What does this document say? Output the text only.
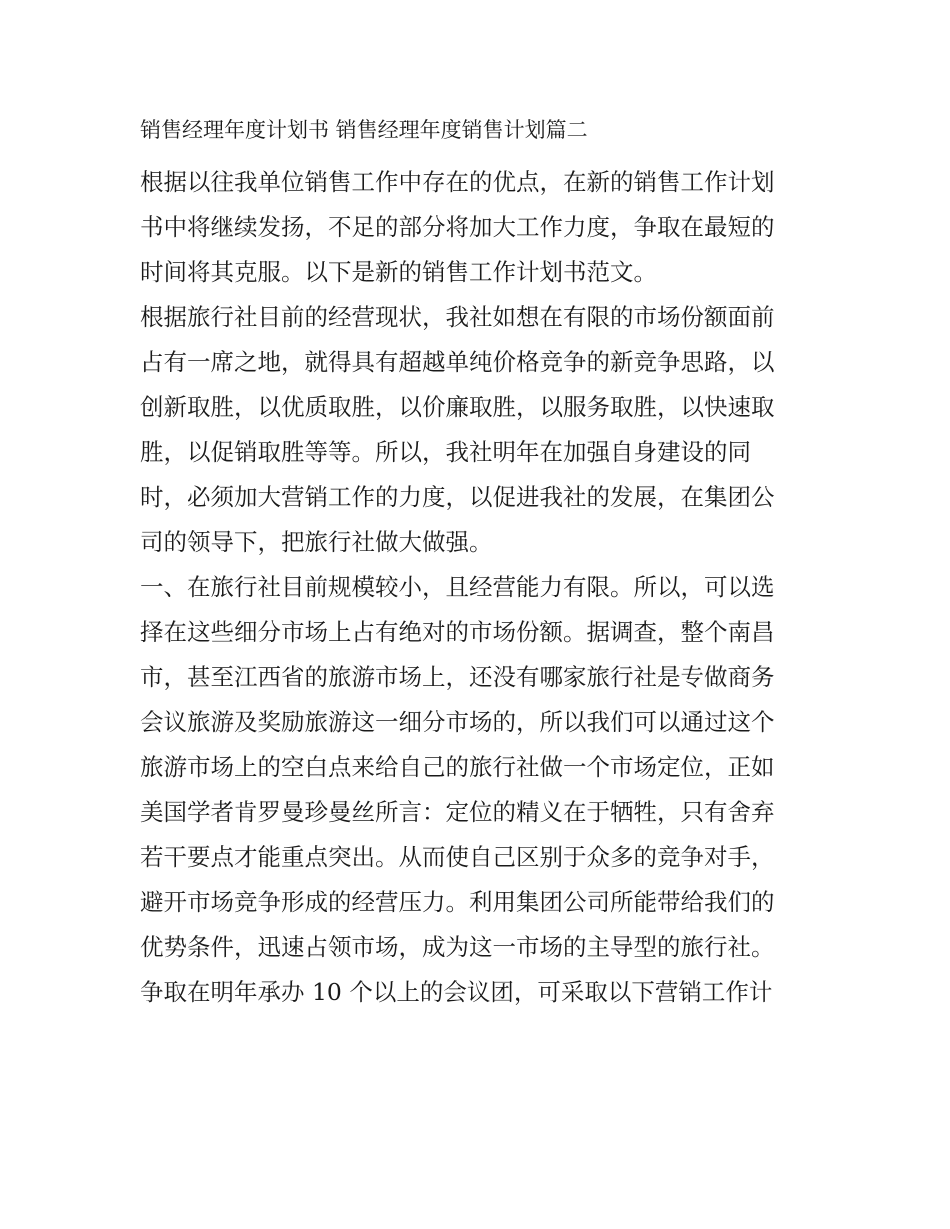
销售经理年度计划书 销售经理年度销售计划篇二
根据以往我单位销售工作中存在的优点，在新的销售工作计划
书中将继续发扬，不足的部分将加大工作力度，争取在最短的
时间将其克服。以下是新的销售工作计划书范文。
根据旅行社目前的经营现状，我社如想在有限的市场份额面前
占有一席之地，就得具有超越单纯价格竞争的新竞争思路，以
创新取胜，以优质取胜，以价廉取胜，以服务取胜，以快速取
胜，以促销取胜等等。所以，我社明年在加强自身建设的同
时，必须加大营销工作的力度，以促进我社的发展，在集团公
司的领导下，把旅行社做大做强。
一、在旅行社目前规模较小，且经营能力有限。所以，可以选
择在这些细分市场上占有绝对的市场份额。据调查，整个南昌
市，甚至江西省的旅游市场上，还没有哪家旅行社是专做商务
会议旅游及奖励旅游这一细分市场的，所以我们可以通过这个
旅游市场上的空白点来给自己的旅行社做一个市场定位，正如
美国学者肯罗曼珍曼丝所言：定位的精义在于牺牲，只有舍弃
若干要点才能重点突出。从而使自己区别于众多的竞争对手，
避开市场竞争形成的经营压力。利用集团公司所能带给我们的
优势条件，迅速占领市场，成为这一市场的主导型的旅行社。
争取在明年承办 10 个以上的会议团，可采取以下营销工作计
